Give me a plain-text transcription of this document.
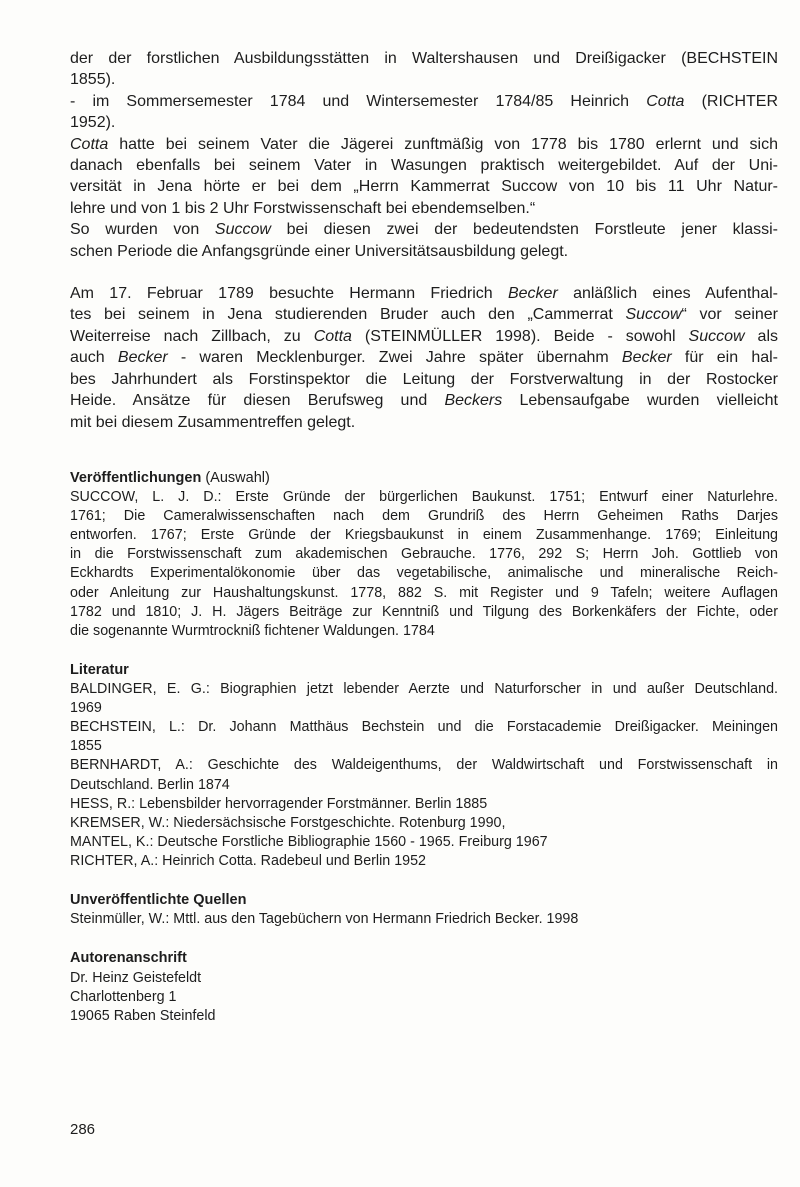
der der forstlichen Ausbildungsstätten in Waltershausen und Dreißigacker (BECHSTEIN
1855).
- im Sommersemester 1784 und Wintersemester 1784/85 Heinrich Cotta (RICHTER
1952).
Cotta hatte bei seinem Vater die Jägerei zunftmäßig von 1778 bis 1780 erlernt und sich
danach ebenfalls bei seinem Vater in Wasungen praktisch weitergebildet. Auf der Uni-
versität in Jena hörte er bei dem „Herrn Kammerrat Succow von 10 bis 11 Uhr Natur-
lehre und von 1 bis 2 Uhr Forstwissenschaft bei ebendemselben.“
So wurden von Succow bei diesen zwei der bedeutendsten Forstleute jener klassi-
schen Periode die Anfangsgründe einer Universitätsausbildung gelegt.
Am 17. Februar 1789 besuchte Hermann Friedrich Becker anläßlich eines Aufenthal-
tes bei seinem in Jena studierenden Bruder auch den „Cammerrat Succow“ vor seiner
Weiterreise nach Zillbach, zu Cotta (STEINMÜLLER 1998). Beide - sowohl Succow als
auch Becker - waren Mecklenburger. Zwei Jahre später übernahm Becker für ein hal-
bes Jahrhundert als Forstinspektor die Leitung der Forstverwaltung in der Rostocker
Heide. Ansätze für diesen Berufsweg und Beckers Lebensaufgabe wurden vielleicht
mit bei diesem Zusammentreffen gelegt.
Veröffentlichungen (Auswahl)
SUCCOW, L. J. D.: Erste Gründe der bürgerlichen Baukunst. 1751; Entwurf einer Naturlehre.
1761; Die Cameralwissenschaften nach dem Grundriß des Herrn Geheimen Raths Darjes
entworfen. 1767; Erste Gründe der Kriegsbaukunst in einem Zusammenhange. 1769; Einleitung
in die Forstwissenschaft zum akademischen Gebrauche. 1776, 292 S; Herrn Joh. Gottlieb von
Eckhardts Experimentalökonomie über das vegetabilische, animalische und mineralische Reich-
oder Anleitung zur Haushaltungskunst. 1778, 882 S. mit Register und 9 Tafeln; weitere Auflagen
1782 und 1810; J. H. Jägers Beiträge zur Kenntniß und Tilgung des Borkenkäfers der Fichte, oder
die sogenannte Wurmtrockniß fichtener Waldungen. 1784
Literatur
BALDINGER, E. G.: Biographien jetzt lebender Aerzte und Naturforscher in und außer Deutschland.
1969
BECHSTEIN, L.: Dr. Johann Matthäus Bechstein und die Forstacademie Dreißigacker. Meiningen
1855
BERNHARDT, A.: Geschichte des Waldeigenthums, der Waldwirtschaft und Forstwissenschaft in
Deutschland. Berlin 1874
HESS, R.: Lebensbilder hervorragender Forstmänner. Berlin 1885
KREMSER, W.: Niedersächsische Forstgeschichte. Rotenburg 1990,
MANTEL, K.: Deutsche Forstliche Bibliographie 1560 - 1965. Freiburg 1967
RICHTER, A.: Heinrich Cotta. Radebeul und Berlin 1952
Unveröffentlichte Quellen
Steinmüller, W.: Mttl. aus den Tagebüchern von Hermann Friedrich Becker. 1998
Autorenanschrift
Dr. Heinz Geistefeldt
Charlottenberg 1
19065 Raben Steinfeld
286
